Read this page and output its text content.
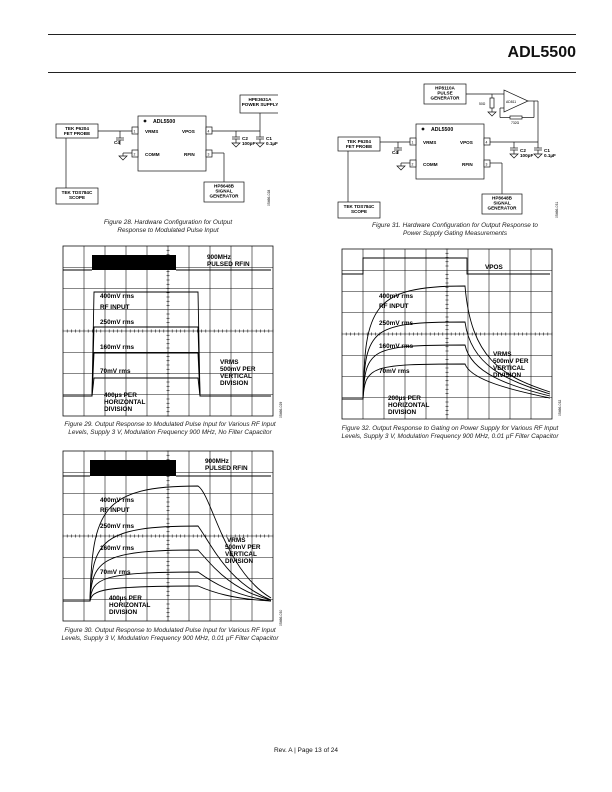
ADL5500
HPE3631A POWER SUPPLY
ADL5500
VRMS
COMM
VPOS
RFIN
1
2
4
3
TEK P6204 FET PROBE
TEK TDS784C SCOPE
C4
C2 100pF
C1 0.1µF
HP8648B SIGNAL GENERATOR	05466-028
Figure 28. Hardware Configuration for Output
Response to Modulated Pulse Input
HP8110A PULSE GENERATOR
50Ω	AD811
732Ω
ADL5500
VRMS
COMM
VPOS
RFIN
1
2
4
3
TEK P6204 FET PROBE
TEK TDS784C SCOPE
C4	C2 100pF
C1 0.1µF
HP8648B SIGNAL GENERATOR	05466-031
Figure 31. Hardware Configuration for Output Response to
Power Supply Gating Measurements
900MHz
PULSED RFIN
400mV rms
RF INPUT
250mV rms
160mV rms
70mV rms
VRMS
500mV PER
VERTICAL
DIVISION
400µs PER
HORIZONTAL
DIVISION	05466-029
Figure 29. Output Response to Modulated Pulse Input for Various RF Input
Levels, Supply 3 V, Modulation Frequency 900 MHz, No Filter Capacitor
900MHz
PULSED RFIN
400mV rms
RF INPUT
250mV rms
160mV rms
70mV rms
VRMS
500mV PER
VERTICAL
DIVISION
400µs PER
HORIZONTAL
DIVISION	05466-030
Figure 30. Output Response to Modulated Pulse Input for Various RF Input
Levels, Supply 3 V, Modulation Frequency 900 MHz, 0.01 µF Filter Capacitor
VPOS
400mV rms
RF INPUT
250mV rms
160mV rms
70mV rms
VRMS
500mV PER
VERTICAL
DIVISION
200µs PER
HORIZONTAL
DIVISION	05466-032
Figure 32. Output Response to Gating on Power Supply for Various RF Input
Levels, Supply 3 V, Modulation Frequency 900 MHz, 0.01 µF Filter Capacitor
Rev. A | Page 13 of 24
